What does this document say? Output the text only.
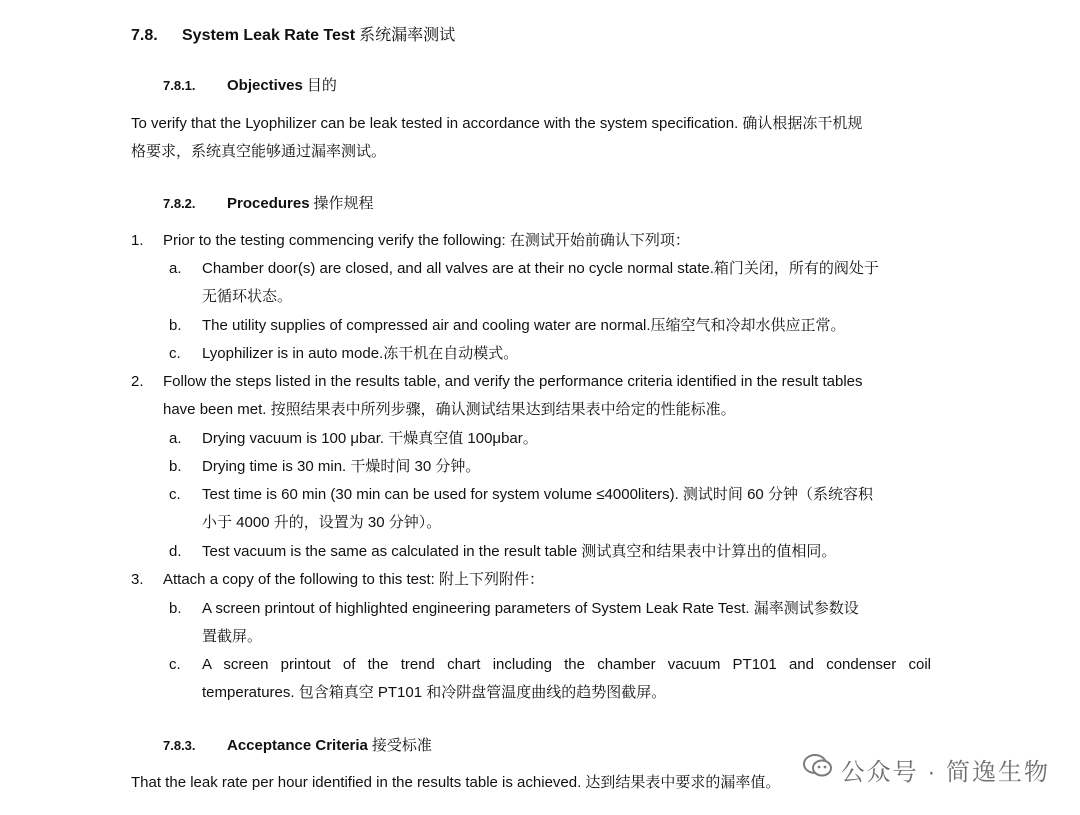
7.8. System Leak Rate Test 系统漏率测试
7.8.1. Objectives 目的
To verify that the Lyophilizer can be leak tested in accordance with the system specification. 确认根据冻干机规
格要求，系统真空能够通过漏率测试。
7.8.2. Procedures 操作规程
1. Prior to the testing commencing verify the following: 在测试开始前确认下列项：
a. Chamber door(s) are closed, and all valves are at their no cycle normal state.箱门关闭，所有的阀处于
无循环状态。
b. The utility supplies of compressed air and cooling water are normal.压缩空气和冷却水供应正常。
c. Lyophilizer is in auto mode.冻干机在自动模式。
2. Follow the steps listed in the results table, and verify the performance criteria identified in the result tables
have been met. 按照结果表中所列步骤，确认测试结果达到结果表中给定的性能标准。
a. Drying vacuum is 100 μbar. 干燥真空值 100μbar。
b. Drying time is 30 min. 干燥时间 30 分钟。
c. Test time is 60 min (30 min can be used for system volume ≤4000liters). 测试时间 60 分钟（系统容积
小于 4000 升的，设置为 30 分钟）。
d. Test vacuum is the same as calculated in the result table 测试真空和结果表中计算出的值相同。
3. Attach a copy of the following to this test: 附上下列附件：
b. A screen printout of highlighted engineering parameters of System Leak Rate Test. 漏率测试参数设
置截屏。
c. A screen printout of the trend chart including the chamber vacuum PT101 and condenser coil
temperatures. 包含箱真空 PT101 和冷阱盘管温度曲线的趋势图截屏。
7.8.3. Acceptance Criteria 接受标准
That the leak rate per hour identified in the results table is achieved. 达到结果表中要求的漏率值。	公众号 · 简逸生物
